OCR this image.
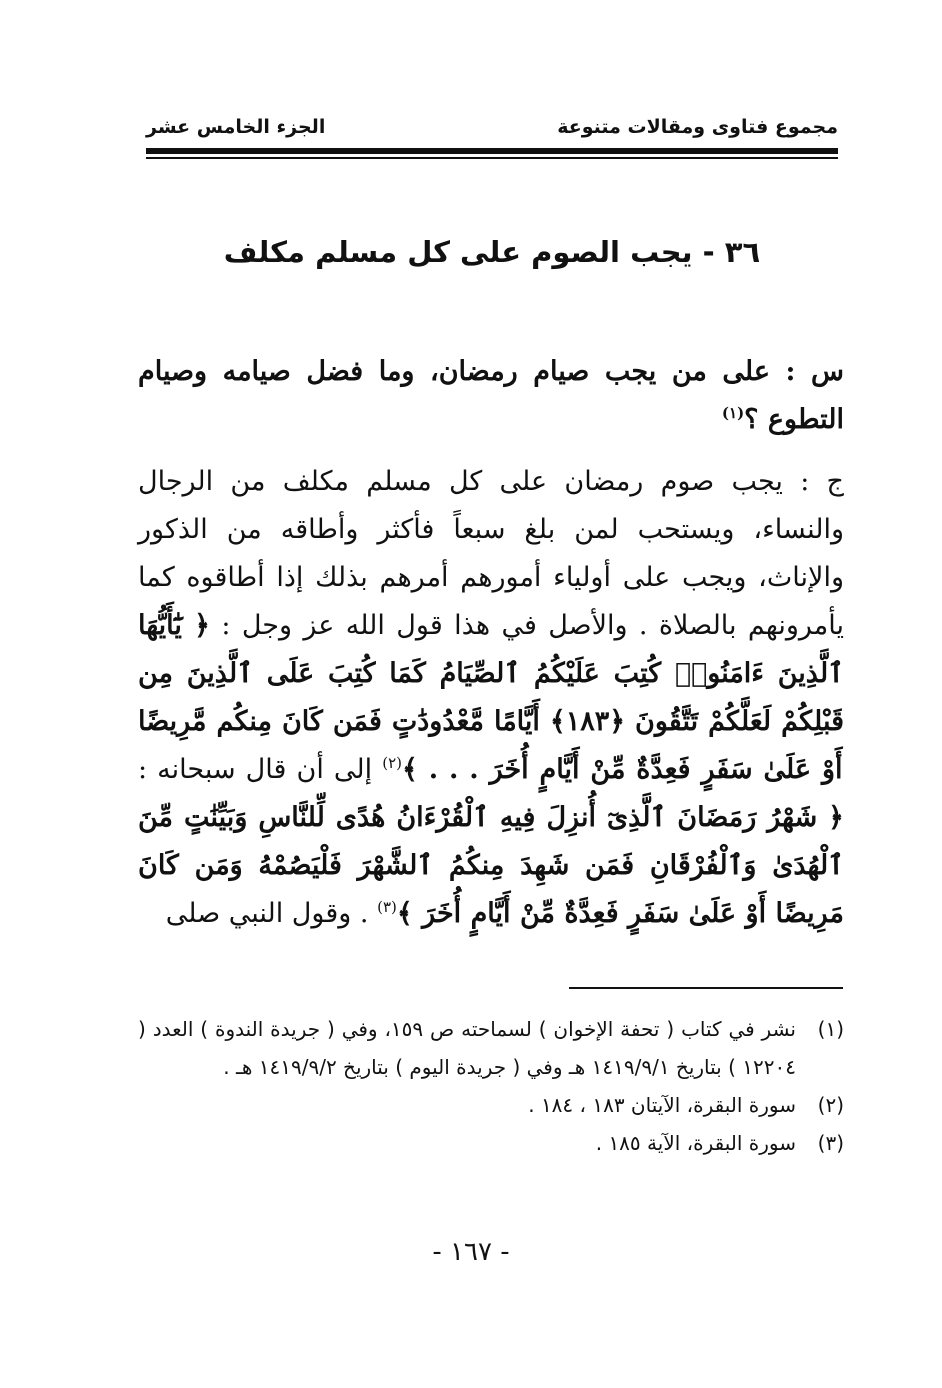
مجموع فتاوى ومقالات متنوعة
الجزء الخامس عشر
٣٦ - يجب الصوم على كل مسلم مكلف
س : على من يجب صيام رمضان، وما فضل صيامه وصيام التطوع ؟$^{(١)}$
ج : يجب صوم رمضان على كل مسلم مكلف من الرجال والنساء، ويستحب لمن بلغ سبعاً فأكثر وأطاقه من الذكور والإناث، ويجب على أولياء أمورهم أمرهم بذلك إذا أطاقوه كما يأمرونهم بالصلاة . والأصل في هذا قول الله عز وجل : ﴿ يَٰٓأَيُّهَا ٱلَّذِينَ ءَامَنُوا۟ كُتِبَ عَلَيْكُمُ ٱلصِّيَامُ كَمَا كُتِبَ عَلَى ٱلَّذِينَ مِن قَبْلِكُمْ لَعَلَّكُمْ تَتَّقُونَ ﴿١٨٣﴾ أَيَّامًا مَّعْدُودَٰتٍ فَمَن كَانَ مِنكُم مَّرِيضًا أَوْ عَلَىٰ سَفَرٍ فَعِدَّةٌ مِّنْ أَيَّامٍ أُخَرَ . . . ﴾$^{(٢)}$ إلى أن قال سبحانه : ﴿ شَهْرُ رَمَضَانَ ٱلَّذِىٓ أُنزِلَ فِيهِ ٱلْقُرْءَانُ هُدًى لِّلنَّاسِ وَبَيِّنَٰتٍ مِّنَ ٱلْهُدَىٰ وَٱلْفُرْقَانِ فَمَن شَهِدَ مِنكُمُ ٱلشَّهْرَ فَلْيَصُمْهُ وَمَن كَانَ مَرِيضًا أَوْ عَلَىٰ سَفَرٍ فَعِدَّةٌ مِّنْ أَيَّامٍ أُخَرَ ﴾$^{(٣)}$ . وقول النبي صلى
(١)
نشر في كتاب ( تحفة الإخوان ) لسماحته ص ١٥٩، وفي ( جريدة الندوة ) العدد ( ١٢٢٠٤ ) بتاريخ ١٤١٩/٩/١ هـ وفي ( جريدة اليوم ) بتاريخ ١٤١٩/٩/٢ هـ .
(٢)
سورة البقرة، الآيتان ١٨٣ ، ١٨٤ .
(٣)
سورة البقرة، الآية ١٨٥ .
- ١٦٧ -
